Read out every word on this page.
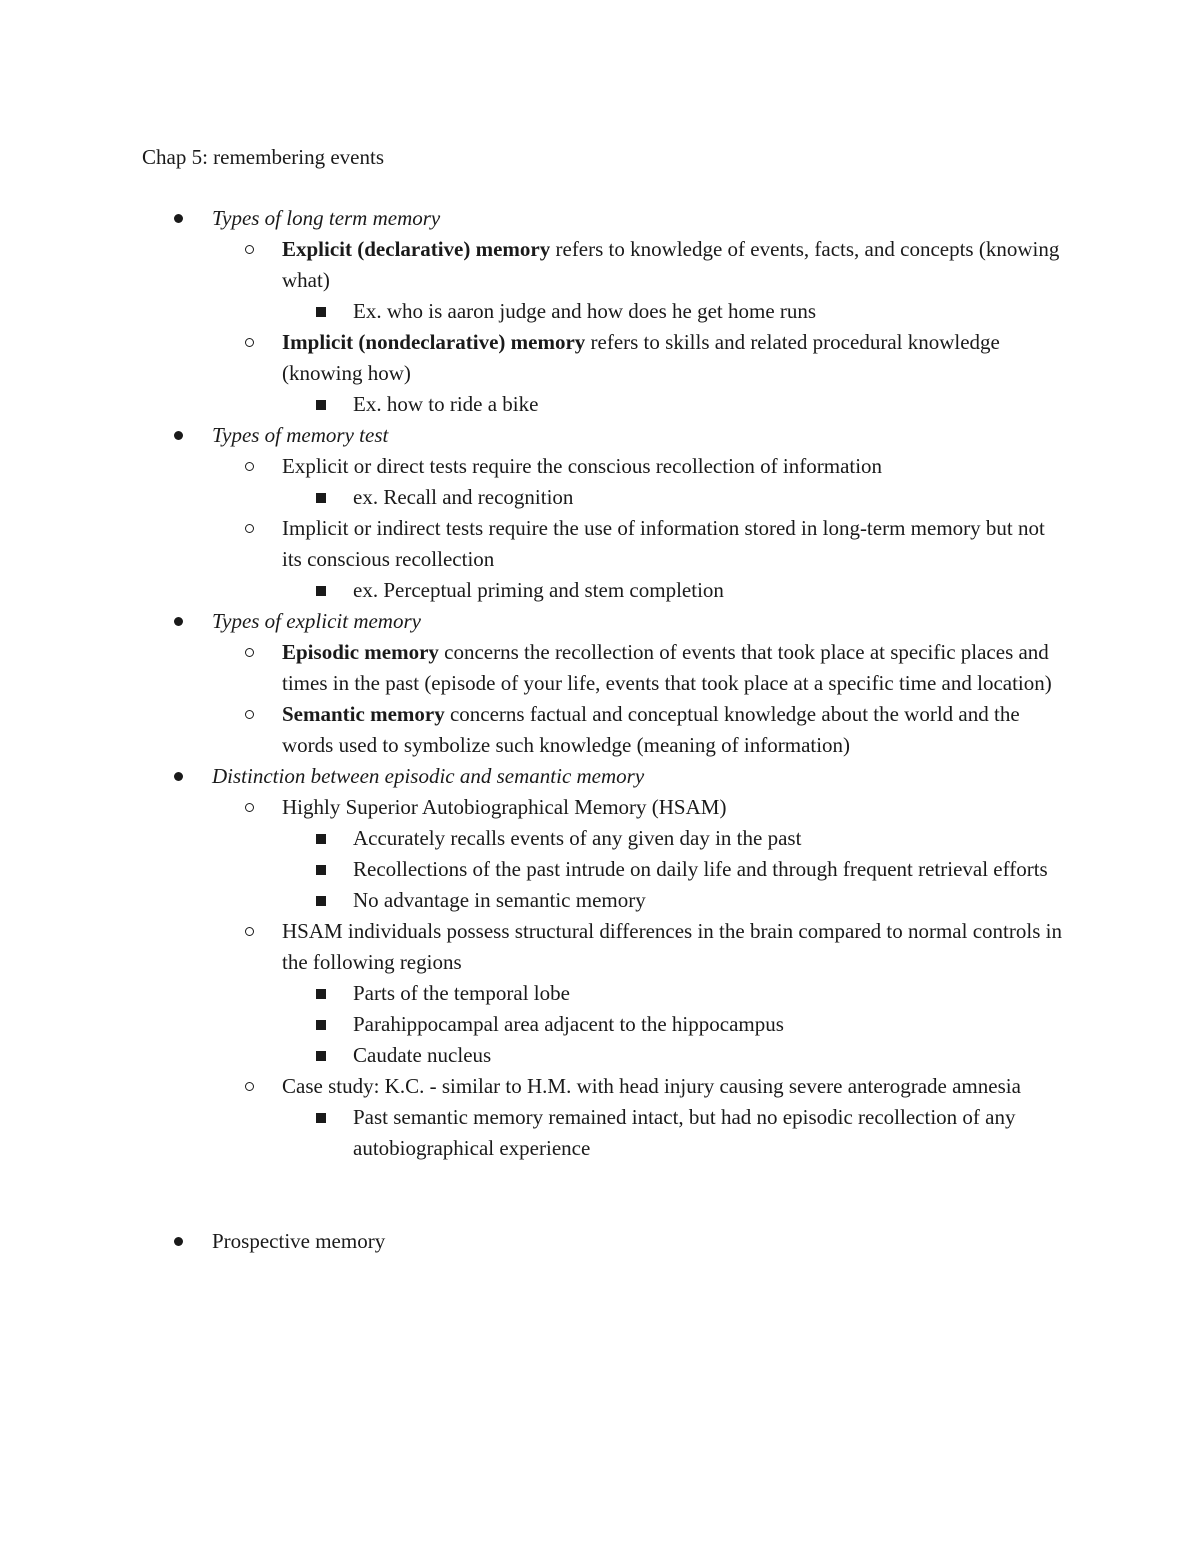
Chap 5: remembering events
Types of long term memory
Explicit (declarative) memory refers to knowledge of events, facts, and concepts (knowing what)
Ex. who is aaron judge and how does he get home runs
Implicit (nondeclarative) memory refers to skills and related procedural knowledge (knowing how)
Ex. how to ride a bike
Types of memory test
Explicit or direct tests require the conscious recollection of information
ex. Recall and recognition
Implicit or indirect tests require the use of information stored in long-term memory but not its conscious recollection
ex. Perceptual priming and stem completion
Types of explicit memory
Episodic memory concerns the recollection of events that took place at specific places and times in the past (episode of your life, events that took place at a specific time and location)
Semantic memory concerns factual and conceptual knowledge about the world and the words used to symbolize such knowledge (meaning of information)
Distinction between episodic and semantic memory
Highly Superior Autobiographical Memory (HSAM)
Accurately recalls events of any given day in the past
Recollections of the past intrude on daily life and through frequent retrieval efforts
No advantage in semantic memory
HSAM individuals possess structural differences in the brain compared to normal controls in the following regions
Parts of the temporal lobe
Parahippocampal area adjacent to the hippocampus
Caudate nucleus
Case study: K.C. - similar to H.M. with head injury causing severe anterograde amnesia
Past semantic memory remained intact, but had no episodic recollection of any autobiographical experience
Prospective memory
